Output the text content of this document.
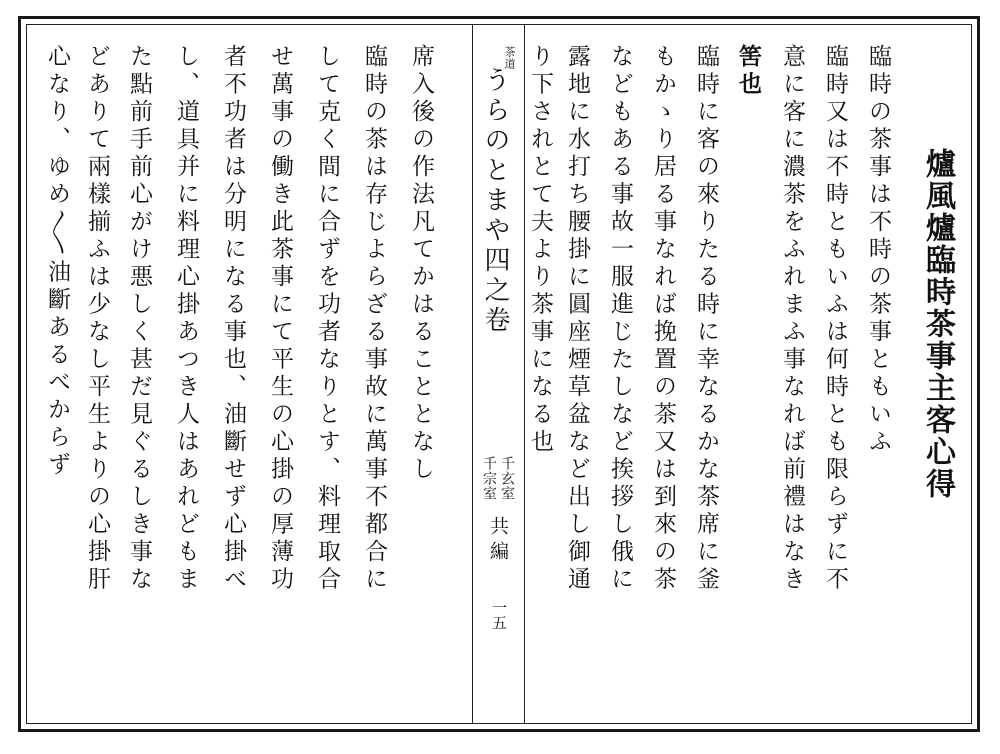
爐風爐臨時茶事主客心得
臨時の茶事は不時の茶事ともいふ
臨時又は不時ともいふは何時とも限らずに不
意に客に濃茶をふれまふ事なれば前禮はなき
筈也
臨時に客の來りたる時に幸なるかな茶席に釜
もかゝり居る事なれば挽置の茶又は到來の茶
などもある事故一服進じたしなど挨拶し俄に
露地に水打ち腰掛に圓座煙草盆など出し御通
り下されとて夫より茶事になる也
茶道
うらのとまや四之卷
千玄室
千宗室
共編
一五
席入後の作法凡てかはることとなし
臨時の茶は存じよらざる事故に萬事不都合に
して克く間に合ずを功者なりとす、料理取合
せ萬事の働き此茶事にて平生の心掛の厚薄功
者不功者は分明になる事也、油斷せず心掛べ
し、道具并に料理心掛あつき人はあれどもま
た點前手前心がけ悪しく甚だ見ぐるしき事な
どありて兩樣揃ふは少なし平生よりの心掛肝
心なり、ゆめ〱油斷あるべからず
